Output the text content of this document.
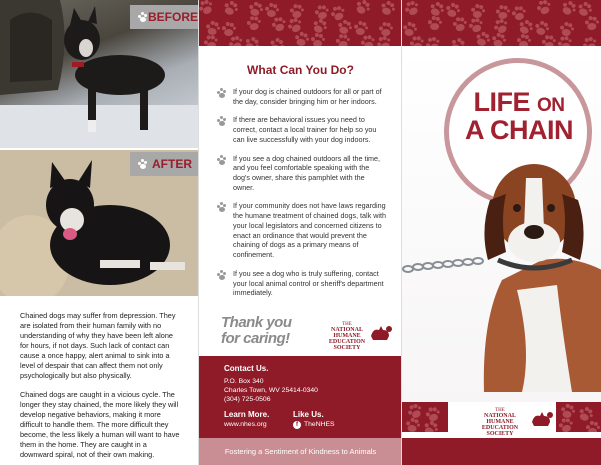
BEFORE
AFTER

Chained dogs may suffer from depression. They are isolated from their human family with no understanding of why they have been left alone for hours, if not days. Such lack of contact can cause a once happy, alert animal to sink into a level of despair that can affect them not only psychologically but also physically.

Chained dogs are caught in a vicious cycle. The longer they stay chained, the more likely they will develop negative behaviors, making it more difficult to handle them. The more difficult they become, the less likely a human will want to have them in the home. They are caught in a downward spiral, not of their own making.

What Can You Do?
If your dog is chained outdoors for all or part of the day, consider bringing him or her indoors.
If there are behavioral issues you need to correct, contact a local trainer for help so you can live successfully with your dog indoors.
If you see a dog chained outdoors all the time, and you feel comfortable speaking with the dog's owner, share this pamphlet with the owner.
If your community does not have laws regarding the humane treatment of chained dogs, talk with your local legislators and concerned citizens to enact an ordinance that would prevent the chaining of dogs as a primary means of confinement.
If you see a dog who is truly suffering, contact your local animal control or sheriff's department immediately.
Thank you
for caring!
THE
NATIONAL
HUMANE
EDUCATION
SOCIETY
Contact Us.
P.O. Box 340
Charles Town, WV 25414-0340
(304) 725-0506
Learn More.
www.nhes.org
Like Us.
f TheNHES
Fostering a Sentiment of Kindness to Animals
LIFE ON
A CHAIN
THE
NATIONAL
HUMANE
EDUCATION
SOCIETY
